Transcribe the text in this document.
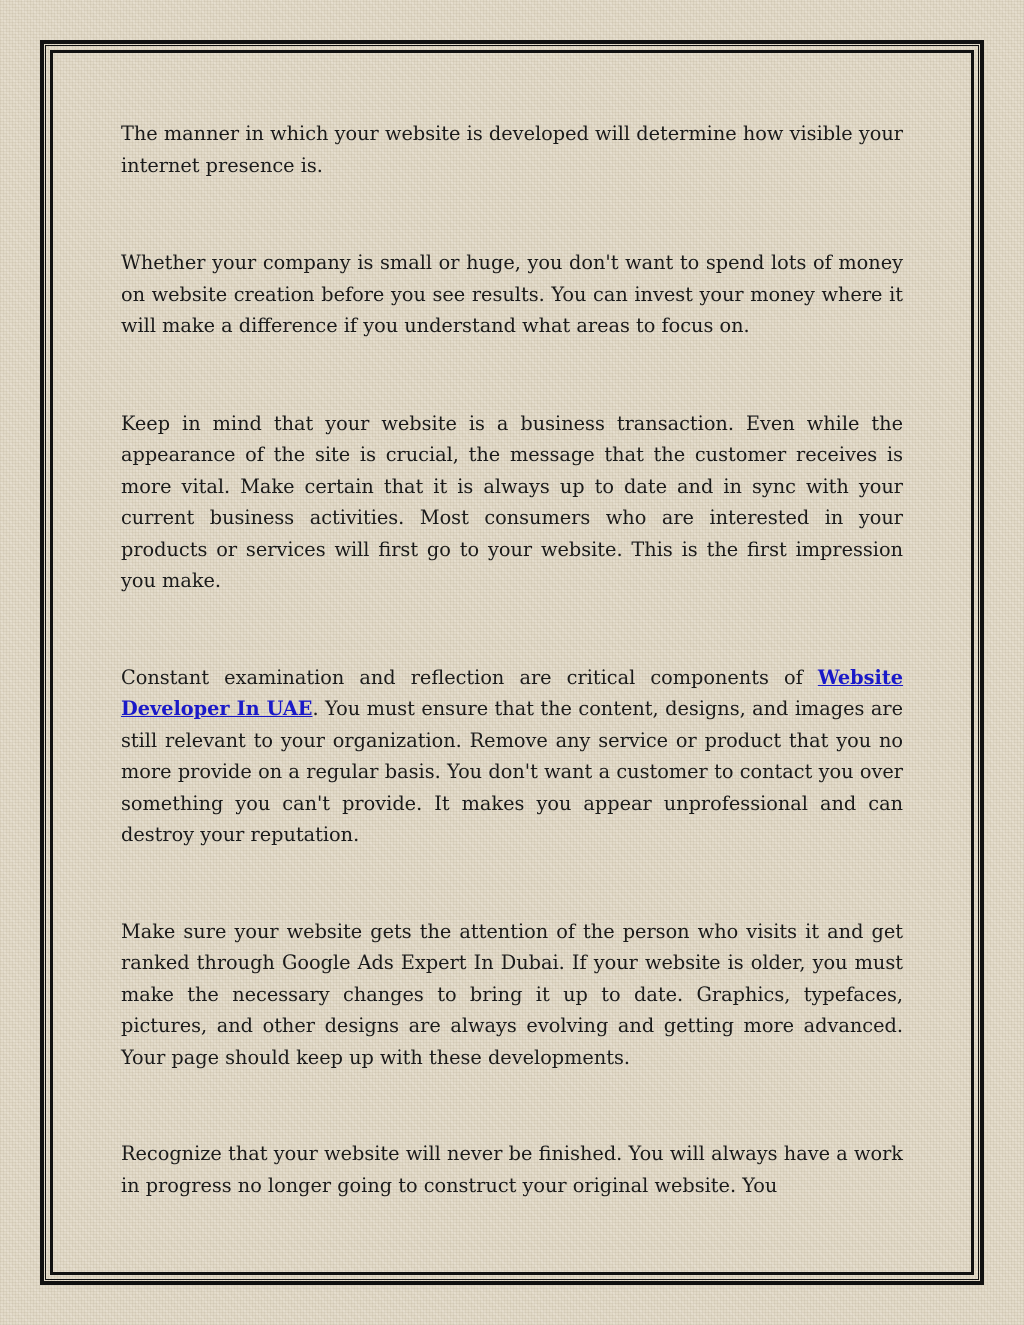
The manner in which your website is developed will determine how visible your internet presence is.

Whether your company is small or huge, you don't want to spend lots of money on website creation before you see results. You can invest your money where it will make a difference if you understand what areas to focus on.

Keep in mind that your website is a business transaction. Even while the appearance of the site is crucial, the message that the customer receives is more vital. Make certain that it is always up to date and in sync with your current business activities. Most consumers who are interested in your products or services will first go to your website. This is the first impression you make.

Constant examination and reflection are critical components of Website Developer In UAE. You must ensure that the content, designs, and images are still relevant to your organization. Remove any service or product that you no more provide on a regular basis. You don't want a customer to contact you over something you can't provide. It makes you appear unprofessional and can destroy your reputation.

Make sure your website gets the attention of the person who visits it and get ranked through Google Ads Expert In Dubai. If your website is older, you must make the necessary changes to bring it up to date. Graphics, typefaces, pictures, and other designs are always evolving and getting more advanced. Your page should keep up with these developments.

Recognize that your website will never be finished. You will always have a work in progress no longer going to construct your original website. You
